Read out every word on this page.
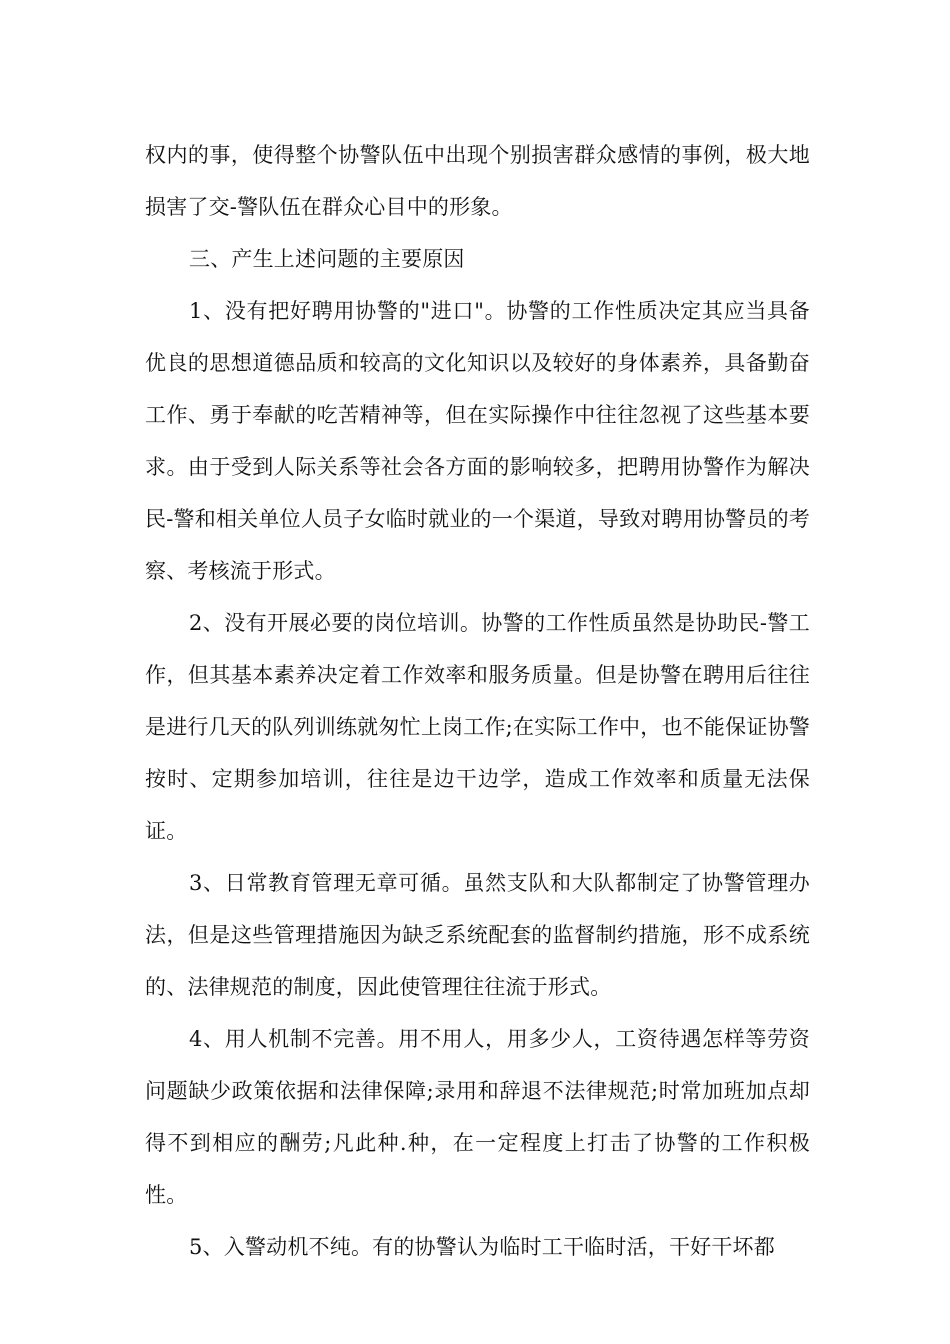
权内的事，使得整个协警队伍中出现个别损害群众感情的事例，极大地损害了交-警队伍在群众心目中的形象。

三、产生上述问题的主要原因

1、没有把好聘用协警的"进口"。协警的工作性质决定其应当具备优良的思想道德品质和较高的文化知识以及较好的身体素养，具备勤奋工作、勇于奉献的吃苦精神等，但在实际操作中往往忽视了这些基本要求。由于受到人际关系等社会各方面的影响较多，把聘用协警作为解决民-警和相关单位人员子女临时就业的一个渠道，导致对聘用协警员的考察、考核流于形式。

2、没有开展必要的岗位培训。协警的工作性质虽然是协助民-警工作，但其基本素养决定着工作效率和服务质量。但是协警在聘用后往往是进行几天的队列训练就匆忙上岗工作;在实际工作中，也不能保证协警按时、定期参加培训，往往是边干边学，造成工作效率和质量无法保证。

3、日常教育管理无章可循。虽然支队和大队都制定了协警管理办法，但是这些管理措施因为缺乏系统配套的监督制约措施，形不成系统的、法律规范的制度，因此使管理往往流于形式。

4、用人机制不完善。用不用人，用多少人，工资待遇怎样等劳资问题缺少政策依据和法律保障;录用和辞退不法律规范;时常加班加点却得不到相应的酬劳;凡此种.种，在一定程度上打击了协警的工作积极性。

5、入警动机不纯。有的协警认为临时工干临时活，干好干坏都
